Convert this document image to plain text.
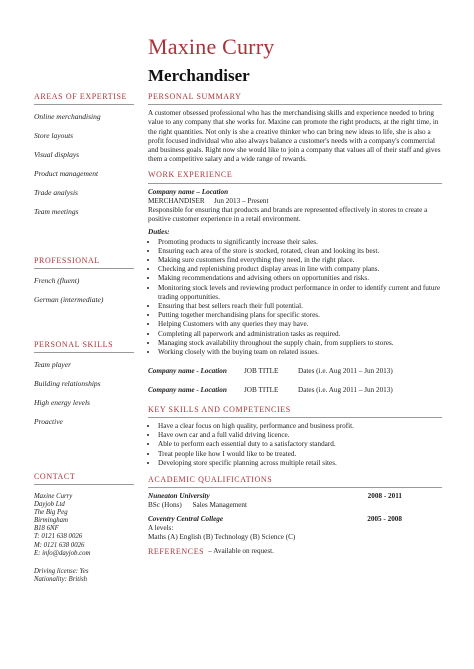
Maxine Curry
Merchandiser
AREAS OF EXPERTISE
Online merchandising
Store layouts
Visual displays
Product management
Trade analysis
Team meetings
PROFESSIONAL
French (fluent)
German (intermediate)
PERSONAL SKILLS
Team player
Building relationships
High energy levels
Proactive
CONTACT
Maxine Curry
Dayjob Ltd
The Big Peg
Birmingham
B18 6NF
T: 0121 638 0026
M: 0121 638 0026
E: info@dayjob.com
Driving license: Yes
Nationality: British
PERSONAL SUMMARY

A customer obsessed professional who has the merchandising skills and experience needed to bring value to any company that she works for. Maxine can promote the right products, at the right time, in the right quantities. Not only is she a creative thinker who can bring new ideas to life, she is also a profit focused individual who also always balance a customer's needs with a company's commercial and business goals. Right now she would like to join a company that values all of their staff and gives them a competitive salary and a wide range of rewards.

WORK EXPERIENCE
Company name – Location
MERCHANDISER	Jun 2013 – Present

Responsible for ensuring that products and brands are represented effectively in stores to create a positive customer experience in a retail environment.

Duties:
• Promoting products to significantly increase their sales.
• Ensuring each area of the store is stocked, rotated, clean and looking its best.
• Making sure customers find everything they need, in the right place.
• Checking and replenishing product display areas in line with company plans.
• Making recommendations and advising others on opportunities and risks.
• Monitoring stock levels and reviewing product performance in order to identify current and future trading opportunities.
• Ensuring that best sellers reach their full potential.
• Putting together merchandising plans for specific stores.
• Helping Customers with any queries they may have.
• Completing all paperwork and administration tasks as required.
• Managing stock availability throughout the supply chain, from suppliers to stores.
• Working closely with the buying team on related issues.
Company name - Location	JOB TITLE	Dates (i.e. Aug 2011 – Jun 2013)
Company name - Location	JOB TITLE	Dates (i.e. Aug 2011 – Jun 2013)
KEY SKILLS AND COMPETENCIES
• Have a clear focus on high quality, performance and business profit.
• Have own car and a full valid driving licence.
• Able to perform each essential duty to a satisfactory standard.
• Treat people like how I would like to be treated.
• Developing store specific planning across multiple retail sites.
ACADEMIC QUALIFICATIONS
Nuneaton University	2008 - 2011
BSc (Hons)      Sales Management
Coventry Central College	2005 - 2008
A levels:
Maths (A) English (B) Technology (B) Science (C)
REFERENCES – Available on request.
